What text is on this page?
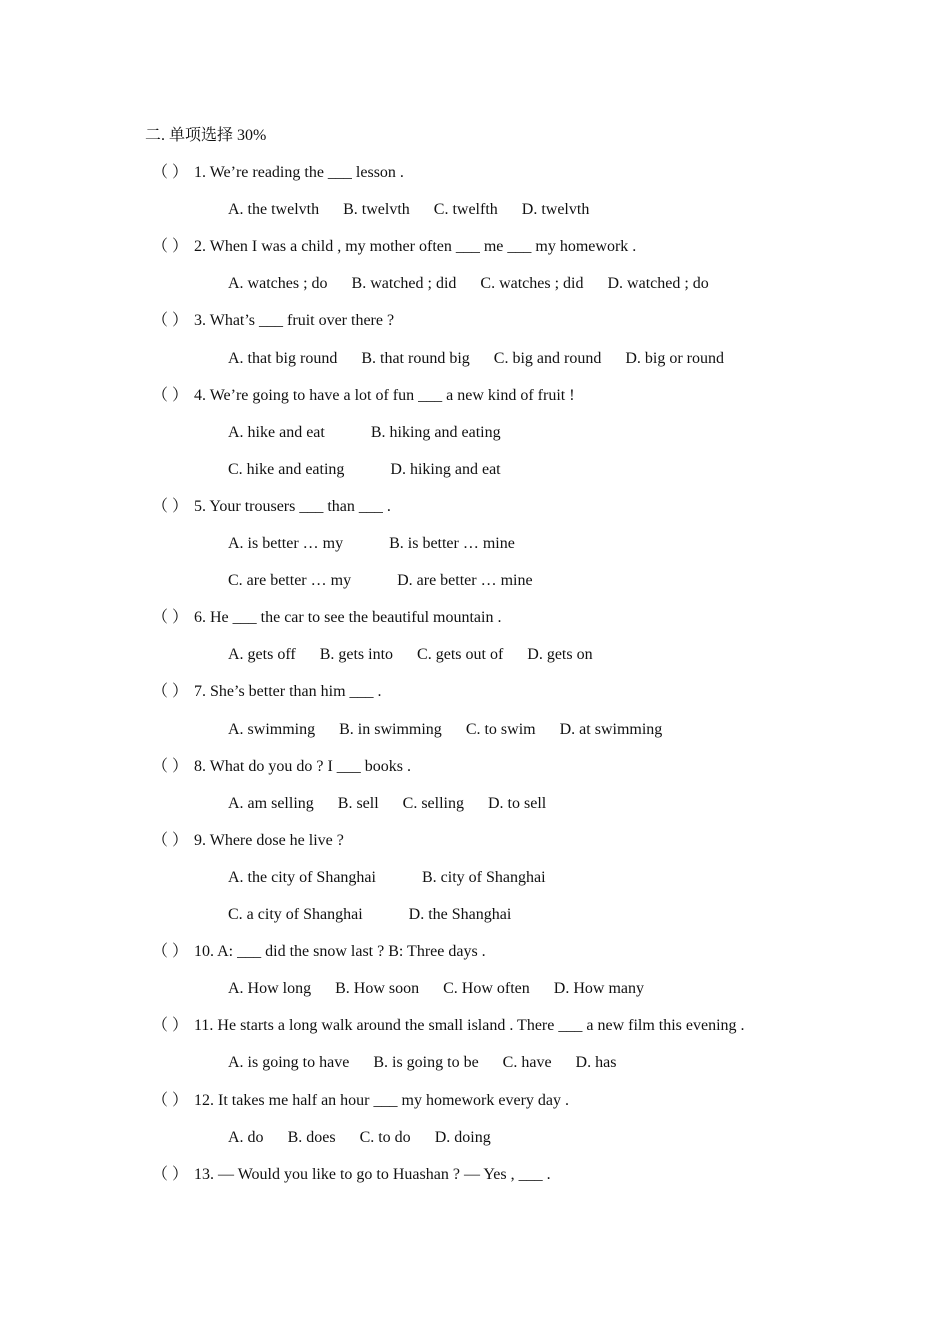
二. 单项选择 30%
（ ） 1. We’re reading the ___ lesson .
A. the twelvth B. twelvth C. twelfth D. twelvth
（ ） 2. When I was a child , my mother often ___ me ___ my homework .
A. watches ; do B. watched ; did C. watches ; did D. watched ; do
（ ） 3. What’s ___ fruit over there ?
A. that big round B. that round big C. big and round D. big or round
（ ） 4. We’re going to have a lot of fun ___ a new kind of fruit !
A. hike and eat	B. hiking and eating
C. hike and eating	D. hiking and eat
（ ） 5. Your trousers ___ than ___ .
A. is better … my	B. is better … mine
C. are better … my	D. are better … mine
（ ） 6. He ___ the car to see the beautiful mountain .
A. gets off B. gets into C. gets out of D. gets on
（ ） 7. She’s better than him ___ .
A. swimming B. in swimming C. to swim D. at swimming
（ ） 8. What do you do ? I ___ books .
A. am selling B. sell C. selling D. to sell
（ ） 9. Where dose he live ?
A. the city of Shanghai	B. city of Shanghai
C. a city of Shanghai	D. the Shanghai
（ ） 10. A: ___ did the snow last ? B: Three days .
A. How long B. How soon C. How often D. How many
（ ） 11. He starts a long walk around the small island . There ___ a new film this evening .
A. is going to have B. is going to be C. have D. has
（ ） 12. It takes me half an hour ___ my homework every day .
A. do B. does C. to do D. doing
（ ） 13. — Would you like to go to Huashan ? — Yes , ___ .
